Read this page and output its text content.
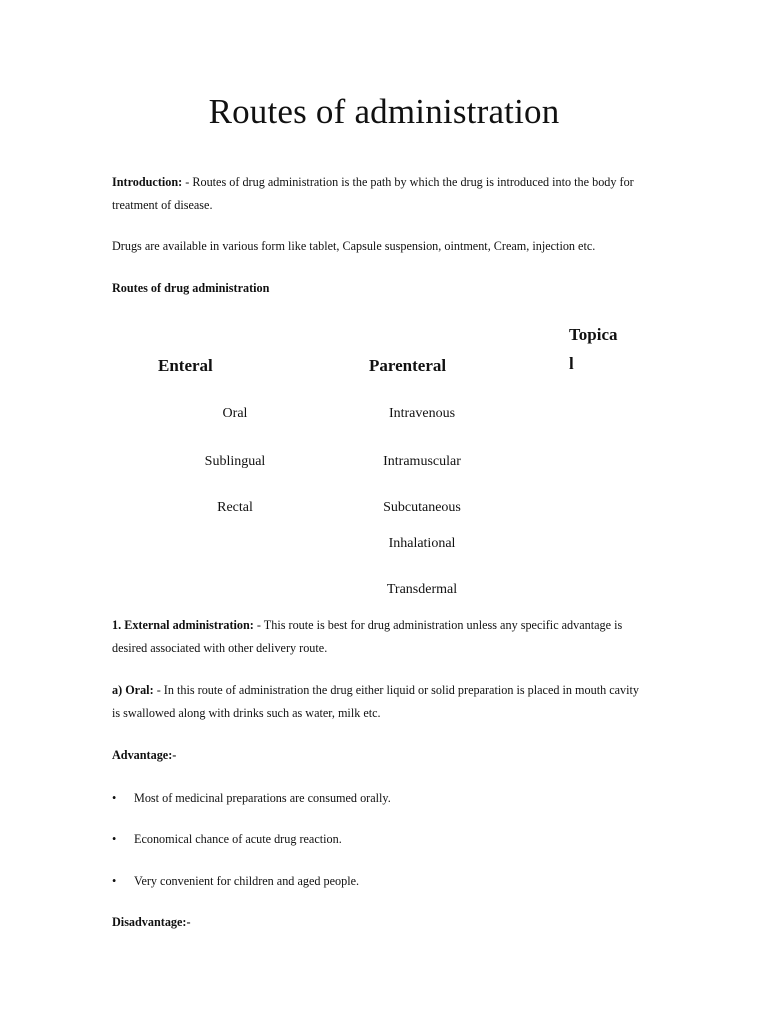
Routes of administration

Introduction: - Routes of drug administration is the path by which the drug is introduced into the body for treatment of disease.

Drugs are available in various form like tablet, Capsule suspension, ointment, Cream, injection etc.

Routes of drug administration

Enteral	Parenteral
Topica
l
Oral
Sublingual
Rectal
Intravenous
Intramuscular
Subcutaneous
Inhalational
Transdermal

1. External administration: - This route is best for drug administration unless any specific advantage is desired associated with other delivery route.

a) Oral: - In this route of administration the drug either liquid or solid preparation is placed in mouth cavity is swallowed along with drinks such as water, milk etc.

Advantage:-

• Most of medicinal preparations are consumed orally.
• Economical chance of acute drug reaction.
• Very convenient for children and aged people.

Disadvantage:-
